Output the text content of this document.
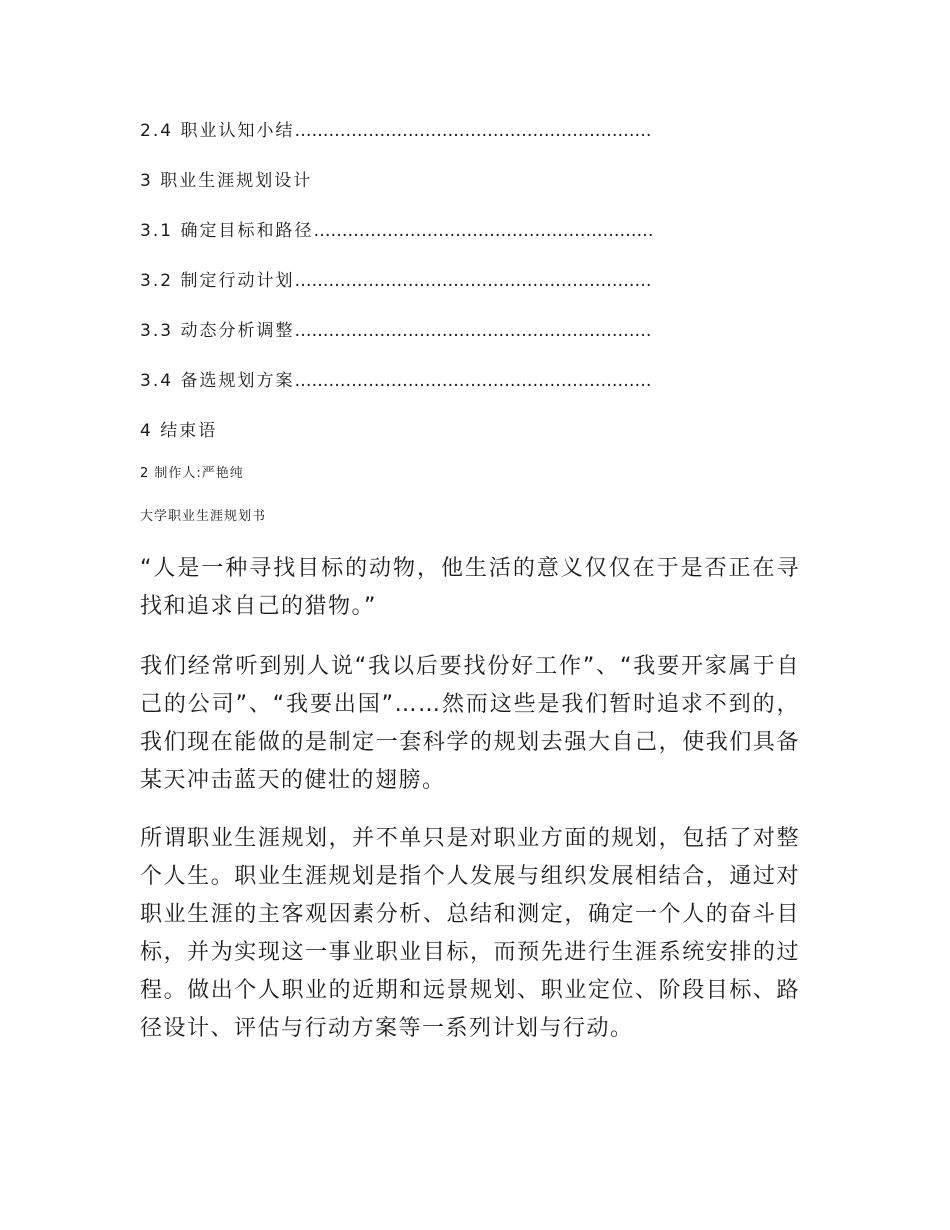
2.4 职业认知小结………………………………………………………
3 职业生涯规划设计
3.1 确定目标和路径……………………………………………………
3.2 制定行动计划………………………………………………………
3.3 动态分析调整………………………………………………………
3.4 备选规划方案………………………………………………………
4 结束语
2 制作人:严艳纯
大学职业生涯规划书

“人是一种寻找目标的动物，他生活的意义仅仅在于是否正在寻找和追求自己的猎物。”

我们经常听到别人说“我以后要找份好工作”、“我要开家属于自己的公司”、“我要出国”……然而这些是我们暂时追求不到的，我们现在能做的是制定一套科学的规划去强大自己，使我们具备某天冲击蓝天的健壮的翅膀。

所谓职业生涯规划，并不单只是对职业方面的规划，包括了对整个人生。职业生涯规划是指个人发展与组织发展相结合，通过对职业生涯的主客观因素分析、总结和测定，确定一个人的奋斗目标，并为实现这一事业职业目标，而预先进行生涯系统安排的过程。做出个人职业的近期和远景规划、职业定位、阶段目标、路径设计、评估与行动方案等一系列计划与行动。
